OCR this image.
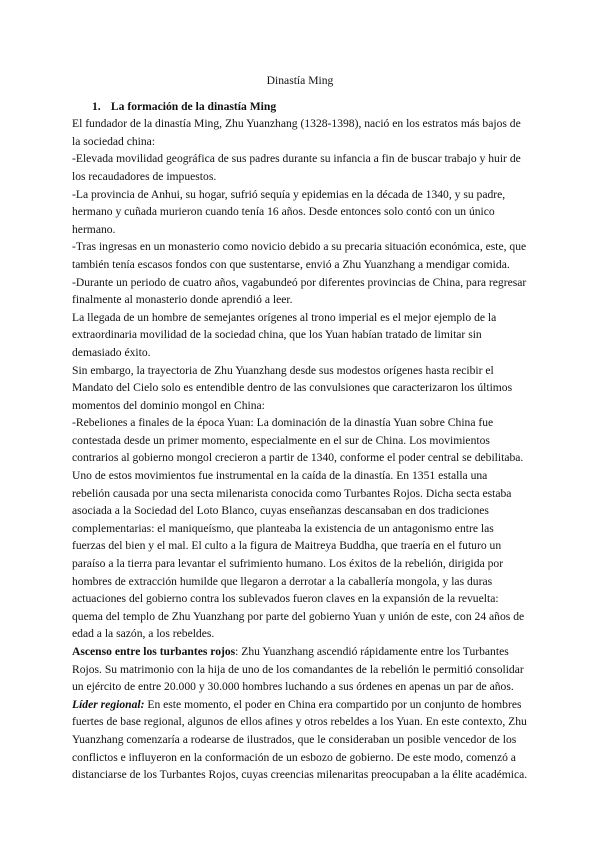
Dinastía Ming
1. La formación de la dinastía Ming

El fundador de la dinastía Ming, Zhu Yuanzhang (1328-1398), nació en los estratos más bajos de la sociedad china:

-Elevada movilidad geográfica de sus padres durante su infancia a fin de buscar trabajo y huir de los recaudadores de impuestos.

-La provincia de Anhui, su hogar, sufrió sequía y epidemias en la década de 1340, y su padre, hermano y cuñada murieron cuando tenía 16 años. Desde entonces solo contó con un único hermano.

-Tras ingresas en un monasterio como novicio debido a su precaria situación económica, este, que también tenía escasos fondos con que sustentarse, envió a Zhu Yuanzhang a mendigar comida.

-Durante un periodo de cuatro años, vagabundeó por diferentes provincias de China, para regresar finalmente al monasterio donde aprendió a leer.

La llegada de un hombre de semejantes orígenes al trono imperial es el mejor ejemplo de la extraordinaria movilidad de la sociedad china, que los Yuan habían tratado de limitar sin demasiado éxito.

Sin embargo, la trayectoria de Zhu Yuanzhang desde sus modestos orígenes hasta recibir el Mandato del Cielo solo es entendible dentro de las convulsiones que caracterizaron los últimos momentos del dominio mongol en China:

-Rebeliones a finales de la época Yuan: La dominación de la dinastía Yuan sobre China fue contestada desde un primer momento, especialmente en el sur de China. Los movimientos contrarios al gobierno mongol crecieron a partir de 1340, conforme el poder central se debilitaba. Uno de estos movimientos fue instrumental en la caída de la dinastía. En 1351 estalla una rebelión causada por una secta milenarista conocida como Turbantes Rojos. Dicha secta estaba asociada a la Sociedad del Loto Blanco, cuyas enseñanzas descansaban en dos tradiciones complementarias: el maniqueísmo, que planteaba la existencia de un antagonismo entre las fuerzas del bien y el mal. El culto a la figura de Maitreya Buddha, que traería en el futuro un paraíso a la tierra para levantar el sufrimiento humano. Los éxitos de la rebelión, dirigida por hombres de extracción humilde que llegaron a derrotar a la caballería mongola, y las duras actuaciones del gobierno contra los sublevados fueron claves en la expansión de la revuelta: quema del templo de Zhu Yuanzhang por parte del gobierno Yuan y unión de este, con 24 años de edad a la sazón, a los rebeldes.

Ascenso entre los turbantes rojos: Zhu Yuanzhang ascendió rápidamente entre los Turbantes Rojos. Su matrimonio con la hija de uno de los comandantes de la rebelión le permitió consolidar un ejército de entre 20.000 y 30.000 hombres luchando a sus órdenes en apenas un par de años.

Líder regional: En este momento, el poder en China era compartido por un conjunto de hombres fuertes de base regional, algunos de ellos afines y otros rebeldes a los Yuan. En este contexto, Zhu Yuanzhang comenzaría a rodearse de ilustrados, que le consideraban un posible vencedor de los conflictos e influyeron en la conformación de un esbozo de gobierno. De este modo, comenzó a distanciarse de los Turbantes Rojos, cuyas creencias milenaritas preocupaban a la élite académica.
